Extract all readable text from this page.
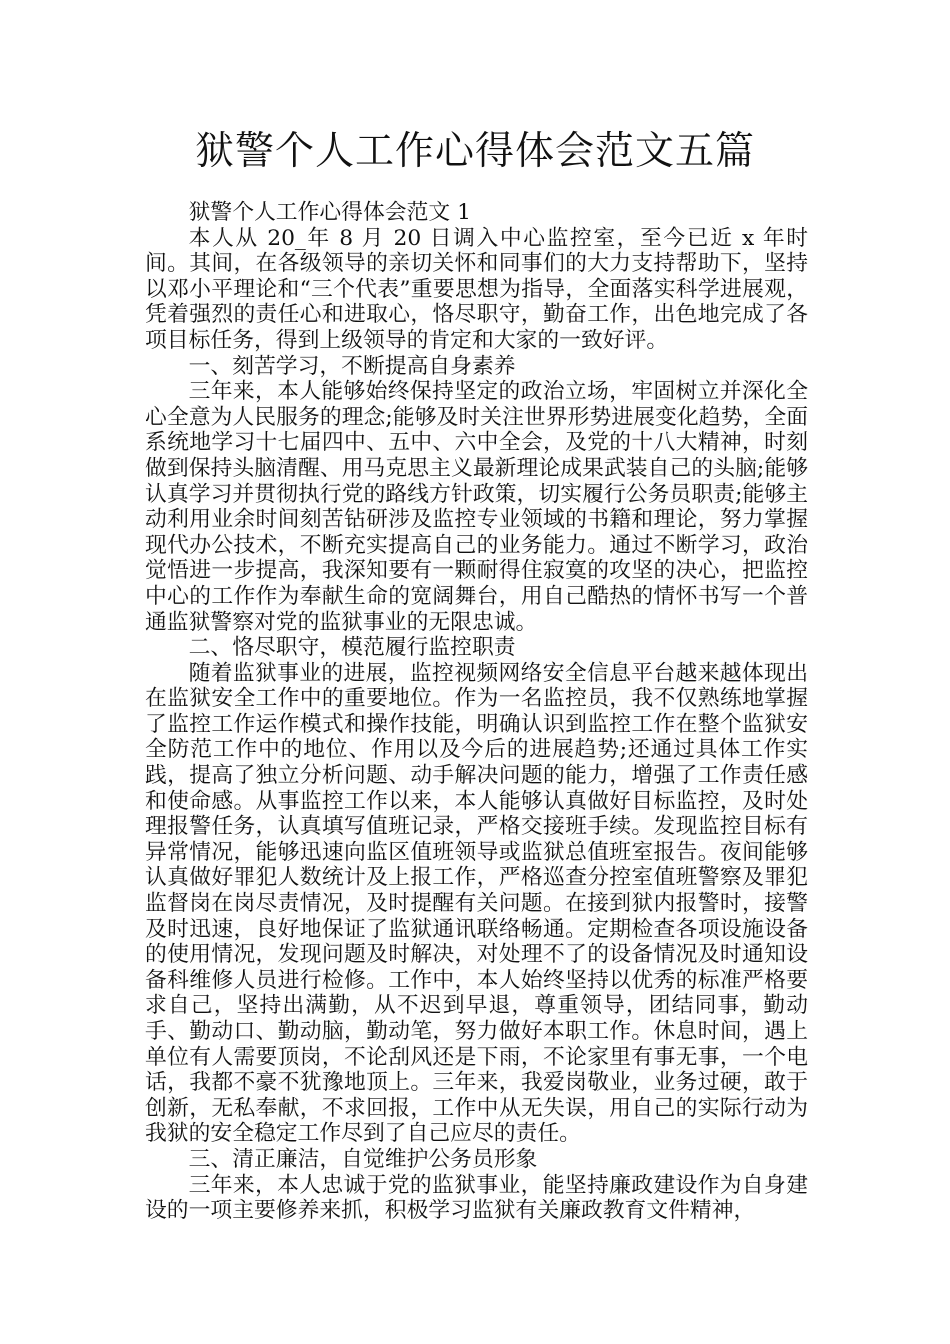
狱警个人工作心得体会范文五篇

狱警个人工作心得体会范文 1

本人从 20_年 8 月 20 日调入中心监控室，至今已近 x 年时间。其间，在各级领导的亲切关怀和同事们的大力支持帮助下，坚持以邓小平理论和“三个代表”重要思想为指导，全面落实科学进展观，凭着强烈的责任心和进取心，恪尽职守，勤奋工作，出色地完成了各项目标任务，得到上级领导的肯定和大家的一致好评。

一、刻苦学习，不断提高自身素养

三年来，本人能够始终保持坚定的政治立场，牢固树立并深化全心全意为人民服务的理念;能够及时关注世界形势进展变化趋势，全面系统地学习十七届四中、五中、六中全会，及党的十八大精神，时刻做到保持头脑清醒、用马克思主义最新理论成果武装自己的头脑;能够认真学习并贯彻执行党的路线方针政策，切实履行公务员职责;能够主动利用业余时间刻苦钻研涉及监控专业领域的书籍和理论，努力掌握现代办公技术，不断充实提高自己的业务能力。通过不断学习，政治觉悟进一步提高，我深知要有一颗耐得住寂寞的攻坚的决心，把监控中心的工作作为奉献生命的宽阔舞台，用自己酷热的情怀书写一个普通监狱警察对党的监狱事业的无限忠诚。

二、恪尽职守，模范履行监控职责

随着监狱事业的进展，监控视频网络安全信息平台越来越体现出在监狱安全工作中的重要地位。作为一名监控员，我不仅熟练地掌握了监控工作运作模式和操作技能，明确认识到监控工作在整个监狱安全防范工作中的地位、作用以及今后的进展趋势;还通过具体工作实践，提高了独立分析问题、动手解决问题的能力，增强了工作责任感和使命感。从事监控工作以来，本人能够认真做好目标监控，及时处理报警任务，认真填写值班记录，严格交接班手续。发现监控目标有异常情况，能够迅速向监区值班领导或监狱总值班室报告。夜间能够认真做好罪犯人数统计及上报工作，严格巡查分控室值班警察及罪犯监督岗在岗尽责情况，及时提醒有关问题。在接到狱内报警时，接警及时迅速，良好地保证了监狱通讯联络畅通。定期检查各项设施设备的使用情况，发现问题及时解决，对处理不了的设备情况及时通知设备科维修人员进行检修。工作中，本人始终坚持以优秀的标准严格要求自己，坚持出满勤，从不迟到早退，尊重领导，团结同事，勤动手、勤动口、勤动脑，勤动笔，努力做好本职工作。休息时间，遇上单位有人需要顶岗，不论刮风还是下雨，不论家里有事无事，一个电话，我都不豪不犹豫地顶上。三年来，我爱岗敬业，业务过硬，敢于创新，无私奉献，不求回报，工作中从无失误，用自己的实际行动为我狱的安全稳定工作尽到了自己应尽的责任。

三、清正廉洁，自觉维护公务员形象

三年来，本人忠诚于党的监狱事业，能坚持廉政建设作为自身建设的一项主要修养来抓，积极学习监狱有关廉政教育文件精神，
